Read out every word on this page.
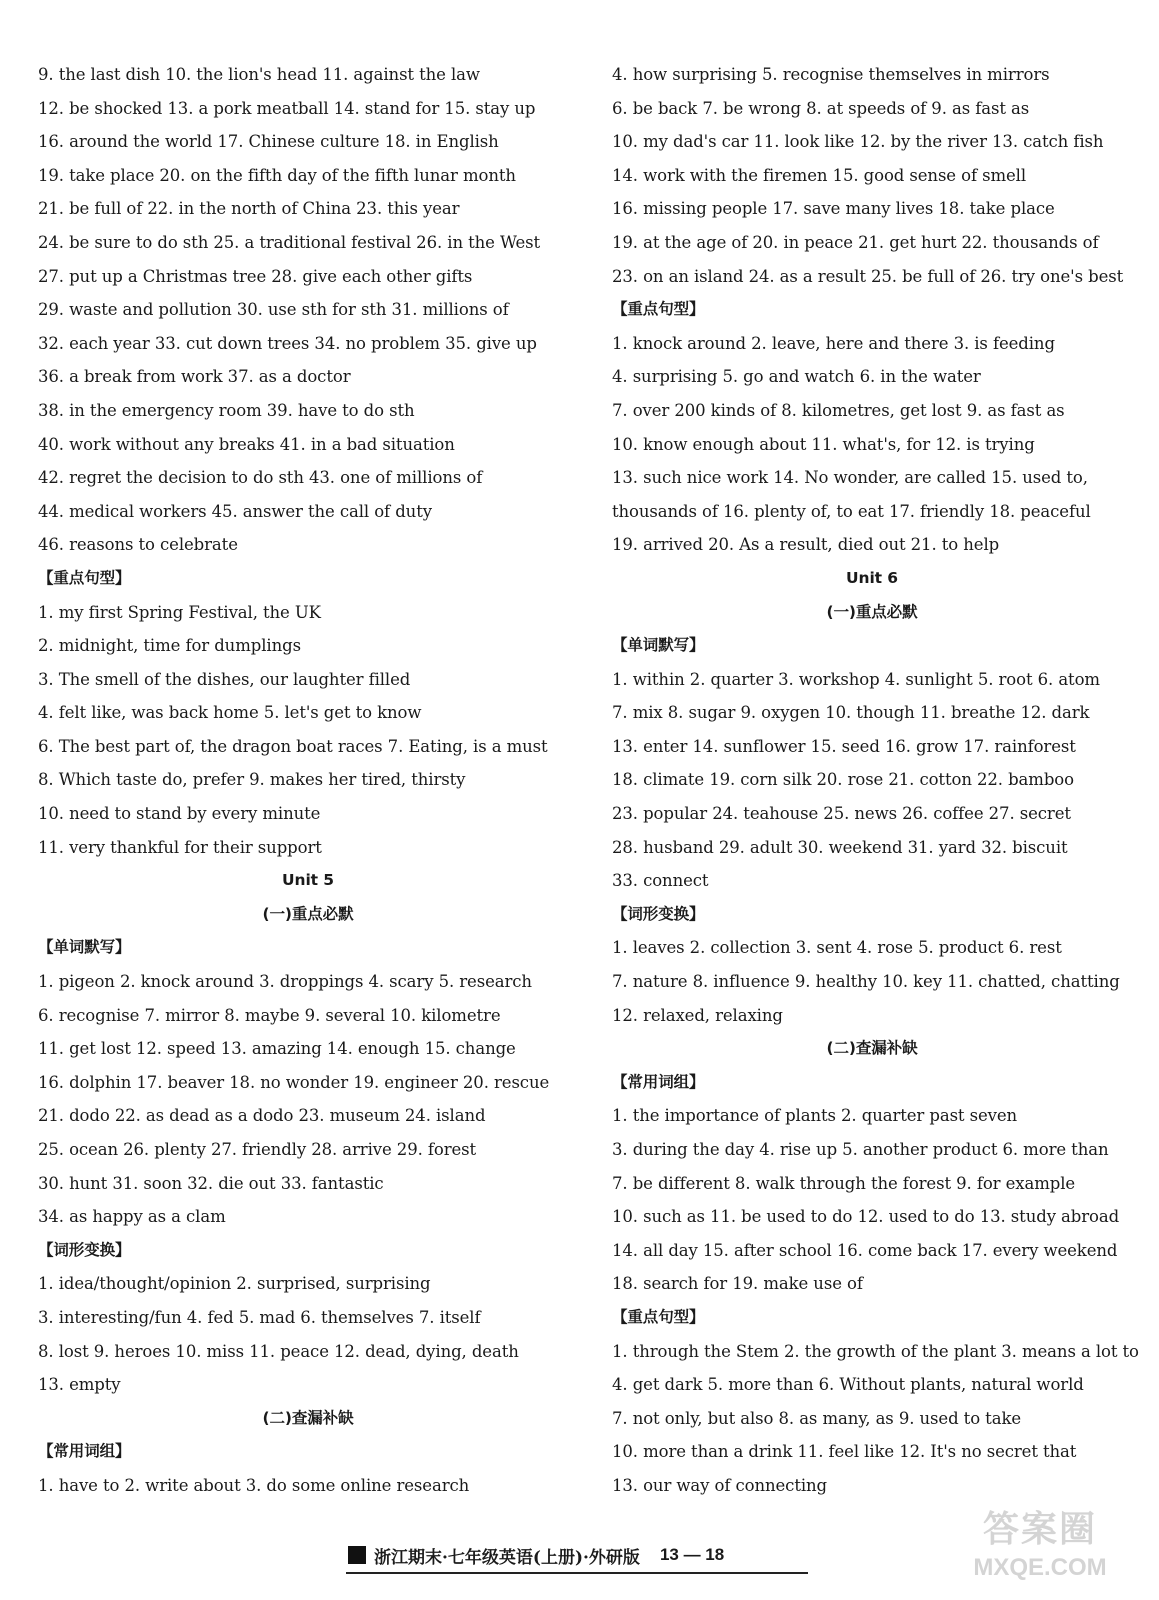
9. the last dish 10. the lion's head 11. against the law
12. be shocked 13. a pork meatball 14. stand for 15. stay up
16. around the world 17. Chinese culture 18. in English
19. take place 20. on the fifth day of the fifth lunar month
21. be full of 22. in the north of China 23. this year
24. be sure to do sth 25. a traditional festival 26. in the West
27. put up a Christmas tree 28. give each other gifts
29. waste and pollution 30. use sth for sth 31. millions of
32. each year 33. cut down trees 34. no problem 35. give up
36. a break from work 37. as a doctor
38. in the emergency room 39. have to do sth
40. work without any breaks 41. in a bad situation
42. regret the decision to do sth 43. one of millions of
44. medical workers 45. answer the call of duty
46. reasons to celebrate
【重点句型】
1. my first Spring Festival, the UK
2. midnight, time for dumplings
3. The smell of the dishes, our laughter filled
4. felt like, was back home 5. let's get to know
6. The best part of, the dragon boat races 7. Eating, is a must
8. Which taste do, prefer 9. makes her tired, thirsty
10. need to stand by every minute
11. very thankful for their support
Unit 5
(一)重点必默
【单词默写】
1. pigeon 2. knock around 3. droppings 4. scary 5. research
6. recognise 7. mirror 8. maybe 9. several 10. kilometre
11. get lost 12. speed 13. amazing 14. enough 15. change
16. dolphin 17. beaver 18. no wonder 19. engineer 20. rescue
21. dodo 22. as dead as a dodo 23. museum 24. island
25. ocean 26. plenty 27. friendly 28. arrive 29. forest
30. hunt 31. soon 32. die out 33. fantastic
34. as happy as a clam
【词形变换】
1. idea/thought/opinion 2. surprised, surprising
3. interesting/fun 4. fed 5. mad 6. themselves 7. itself
8. lost 9. heroes 10. miss 11. peace 12. dead, dying, death
13. empty
(二)查漏补缺
【常用词组】
1. have to 2. write about 3. do some online research
4. how surprising 5. recognise themselves in mirrors
6. be back 7. be wrong 8. at speeds of 9. as fast as
10. my dad's car 11. look like 12. by the river 13. catch fish
14. work with the firemen 15. good sense of smell
16. missing people 17. save many lives 18. take place
19. at the age of 20. in peace 21. get hurt 22. thousands of
23. on an island 24. as a result 25. be full of 26. try one's best
【重点句型】
1. knock around 2. leave, here and there 3. is feeding
4. surprising 5. go and watch 6. in the water
7. over 200 kinds of 8. kilometres, get lost 9. as fast as
10. know enough about 11. what's, for 12. is trying
13. such nice work 14. No wonder, are called 15. used to,
thousands of 16. plenty of, to eat 17. friendly 18. peaceful
19. arrived 20. As a result, died out 21. to help
Unit 6
(一)重点必默
【单词默写】
1. within 2. quarter 3. workshop 4. sunlight 5. root 6. atom
7. mix 8. sugar 9. oxygen 10. though 11. breathe 12. dark
13. enter 14. sunflower 15. seed 16. grow 17. rainforest
18. climate 19. corn silk 20. rose 21. cotton 22. bamboo
23. popular 24. teahouse 25. news 26. coffee 27. secret
28. husband 29. adult 30. weekend 31. yard 32. biscuit
33. connect
【词形变换】
1. leaves 2. collection 3. sent 4. rose 5. product 6. rest
7. nature 8. influence 9. healthy 10. key 11. chatted, chatting
12. relaxed, relaxing
(二)查漏补缺
【常用词组】
1. the importance of plants 2. quarter past seven
3. during the day 4. rise up 5. another product 6. more than
7. be different 8. walk through the forest 9. for example
10. such as 11. be used to do 12. used to do 13. study abroad
14. all day 15. after school 16. come back 17. every weekend
18. search for 19. make use of
【重点句型】
1. through the Stem 2. the growth of the plant 3. means a lot to
4. get dark 5. more than 6. Without plants, natural world
7. not only, but also 8. as many, as 9. used to take
10. more than a drink 11. feel like 12. It's no secret that
13. our way of connecting
浙江期末·七年级英语(上册)·外研版 13 — 18
答案圈
MXQE.COM
